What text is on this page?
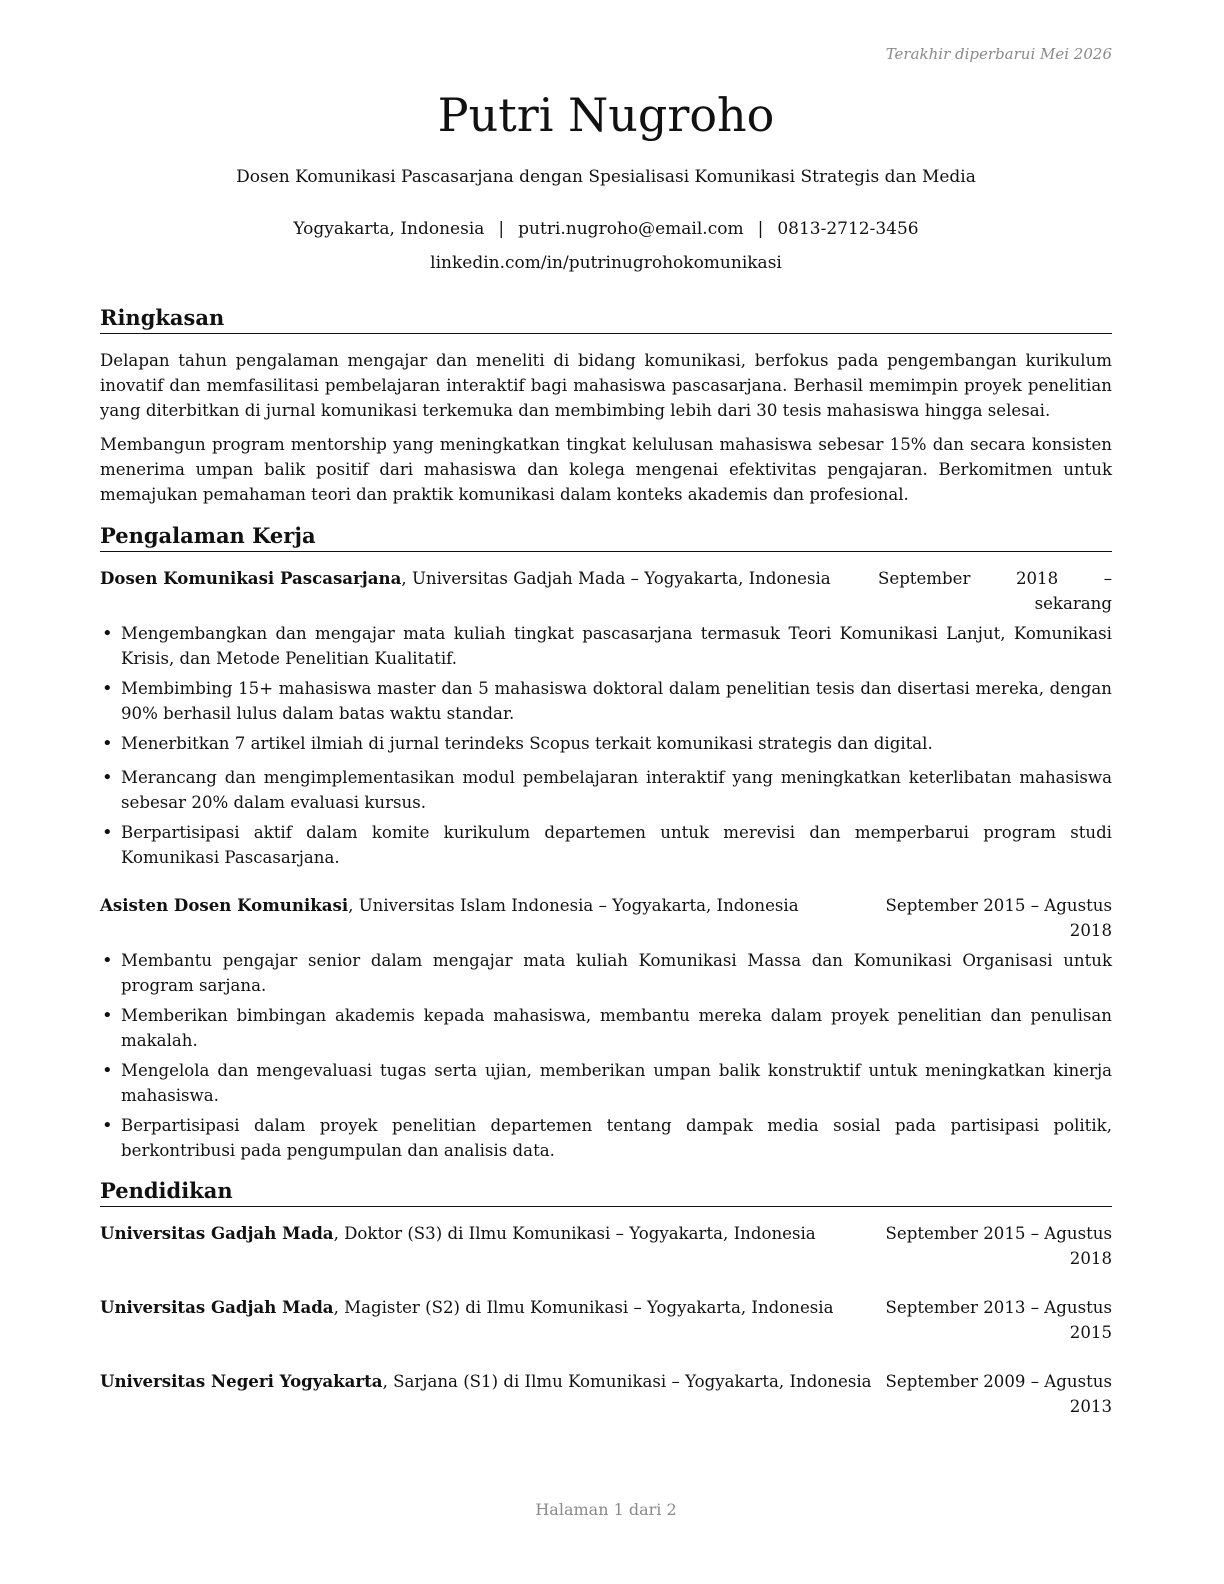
Terakhir diperbarui Mei 2026
Putri Nugroho
Dosen Komunikasi Pascasarjana dengan Spesialisasi Komunikasi Strategis dan Media
Yogyakarta, Indonesia | putri.nugroho@email.com | 0813-2712-3456
linkedin.com/in/putrinugrohokomunikasi
Ringkasan
Delapan tahun pengalaman mengajar dan meneliti di bidang komunikasi, berfokus pada pengembangan kurikulum inovatif dan memfasilitasi pembelajaran interaktif bagi mahasiswa pascasarjana. Berhasil memimpin proyek penelitian yang diterbitkan di jurnal komunikasi terkemuka dan membimbing lebih dari 30 tesis mahasiswa hingga selesai.
Membangun program mentorship yang meningkatkan tingkat kelulusan mahasiswa sebesar 15% dan secara konsisten menerima umpan balik positif dari mahasiswa dan kolega mengenai efektivitas pengajaran. Berkomitmen untuk memajukan pemahaman teori dan praktik komunikasi dalam konteks akademis dan profesional.
Pengalaman Kerja
Dosen Komunikasi Pascasarjana, Universitas Gadjah Mada – Yogyakarta, Indonesia	September 2018 – sekarang
• Mengembangkan dan mengajar mata kuliah tingkat pascasarjana termasuk Teori Komunikasi Lanjut, Komunikasi Krisis, dan Metode Penelitian Kualitatif.
• Membimbing 15+ mahasiswa master dan 5 mahasiswa doktoral dalam penelitian tesis dan disertasi mereka, dengan 90% berhasil lulus dalam batas waktu standar.
• Menerbitkan 7 artikel ilmiah di jurnal terindeks Scopus terkait komunikasi strategis dan digital.
• Merancang dan mengimplementasikan modul pembelajaran interaktif yang meningkatkan keterlibatan mahasiswa sebesar 20% dalam evaluasi kursus.
• Berpartisipasi aktif dalam komite kurikulum departemen untuk merevisi dan memperbarui program studi Komunikasi Pascasarjana.
Asisten Dosen Komunikasi, Universitas Islam Indonesia – Yogyakarta, Indonesia	September 2015 – Agustus 2018
• Membantu pengajar senior dalam mengajar mata kuliah Komunikasi Massa dan Komunikasi Organisasi untuk program sarjana.
• Memberikan bimbingan akademis kepada mahasiswa, membantu mereka dalam proyek penelitian dan penulisan makalah.
• Mengelola dan mengevaluasi tugas serta ujian, memberikan umpan balik konstruktif untuk meningkatkan kinerja mahasiswa.
• Berpartisipasi dalam proyek penelitian departemen tentang dampak media sosial pada partisipasi politik, berkontribusi pada pengumpulan dan analisis data.
Pendidikan
Universitas Gadjah Mada, Doktor (S3) di Ilmu Komunikasi – Yogyakarta, Indonesia	September 2015 – Agustus 2018
Universitas Gadjah Mada, Magister (S2) di Ilmu Komunikasi – Yogyakarta, Indonesia	September 2013 – Agustus 2015
Universitas Negeri Yogyakarta, Sarjana (S1) di Ilmu Komunikasi – Yogyakarta, Indonesia September 2009 – Agustus 2013
Halaman 1 dari 2
